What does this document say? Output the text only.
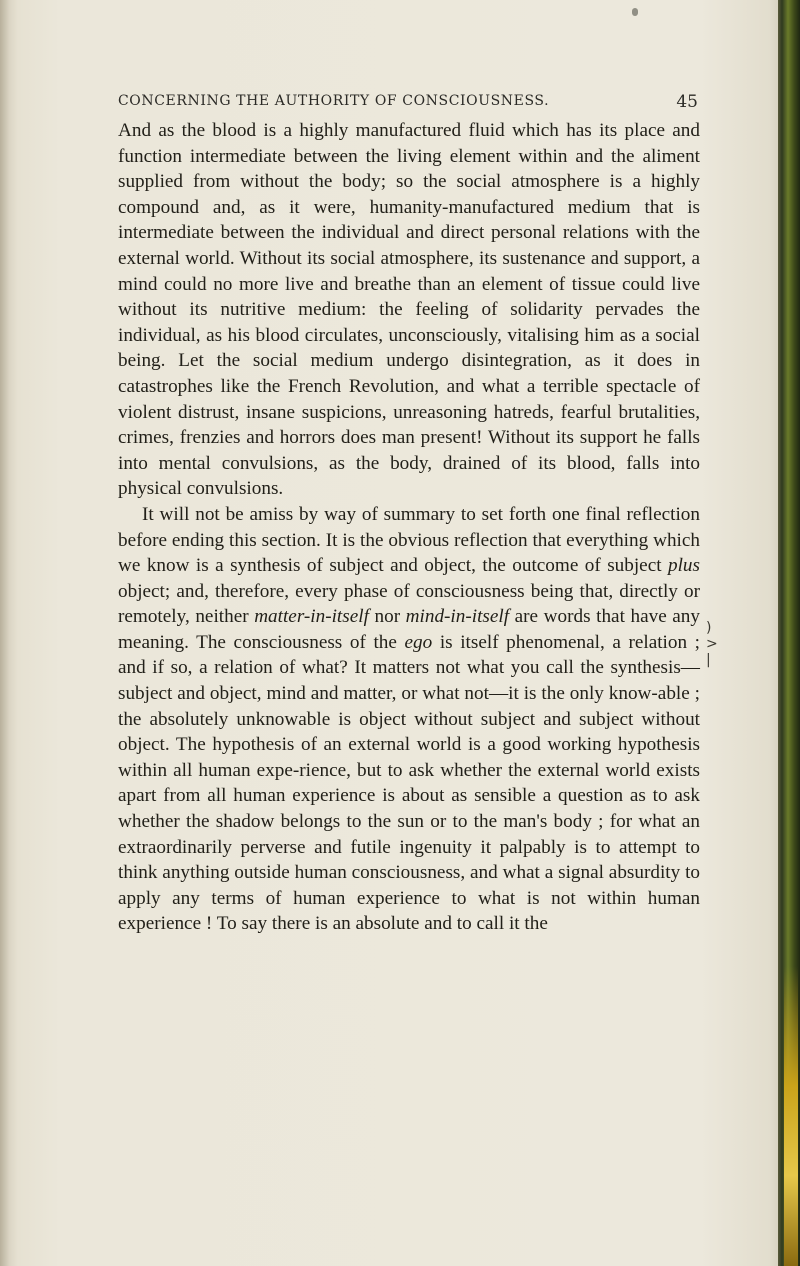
CONCERNING THE AUTHORITY OF CONSCIOUSNESS.	45

And as the blood is a highly manufactured fluid which has its place and function intermediate between the living element within and the aliment supplied from without the body; so the social atmosphere is a highly compound and, as it were, humanity-manufactured medium that is intermediate between the individual and direct personal relations with the external world. Without its social atmosphere, its sustenance and support, a mind could no more live and breathe than an element of tissue could live without its nutritive medium: the feeling of solidarity pervades the individual, as his blood circulates, unconsciously, vitalising him as a social being. Let the social medium undergo disintegration, as it does in catastrophes like the French Revolution, and what a terrible spectacle of violent distrust, insane suspicions, unreasoning hatreds, fearful brutalities, crimes, frenzies and horrors does man present! Without its support he falls into mental convulsions, as the body, drained of its blood, falls into physical convulsions.

It will not be amiss by way of summary to set forth one final reflection before ending this section. It is the obvious reflection that everything which we know is a synthesis of subject and object, the outcome of subject plus object; and, therefore, every phase of consciousness being that, directly or remotely, neither matter-in-itself nor mind-in-itself are words that have any meaning. The consciousness of the ego is itself phenomenal, a relation ; and if so, a relation of what? It matters not what you call the synthesis—subject and object, mind and matter, or what not—it is the only know-able ; the absolutely unknowable is object without subject and subject without object. The hypothesis of an external world is a good working hypothesis within all human expe-rience, but to ask whether the external world exists apart from all human experience is about as sensible a question as to ask whether the shadow belongs to the sun or to the man's body ; for what an extraordinarily perverse and futile ingenuity it palpably is to attempt to think anything outside human consciousness, and what a signal absurdity to apply any terms of human experience to what is not within human experience ! To say there is an absolute and to call it the

)
>
|
